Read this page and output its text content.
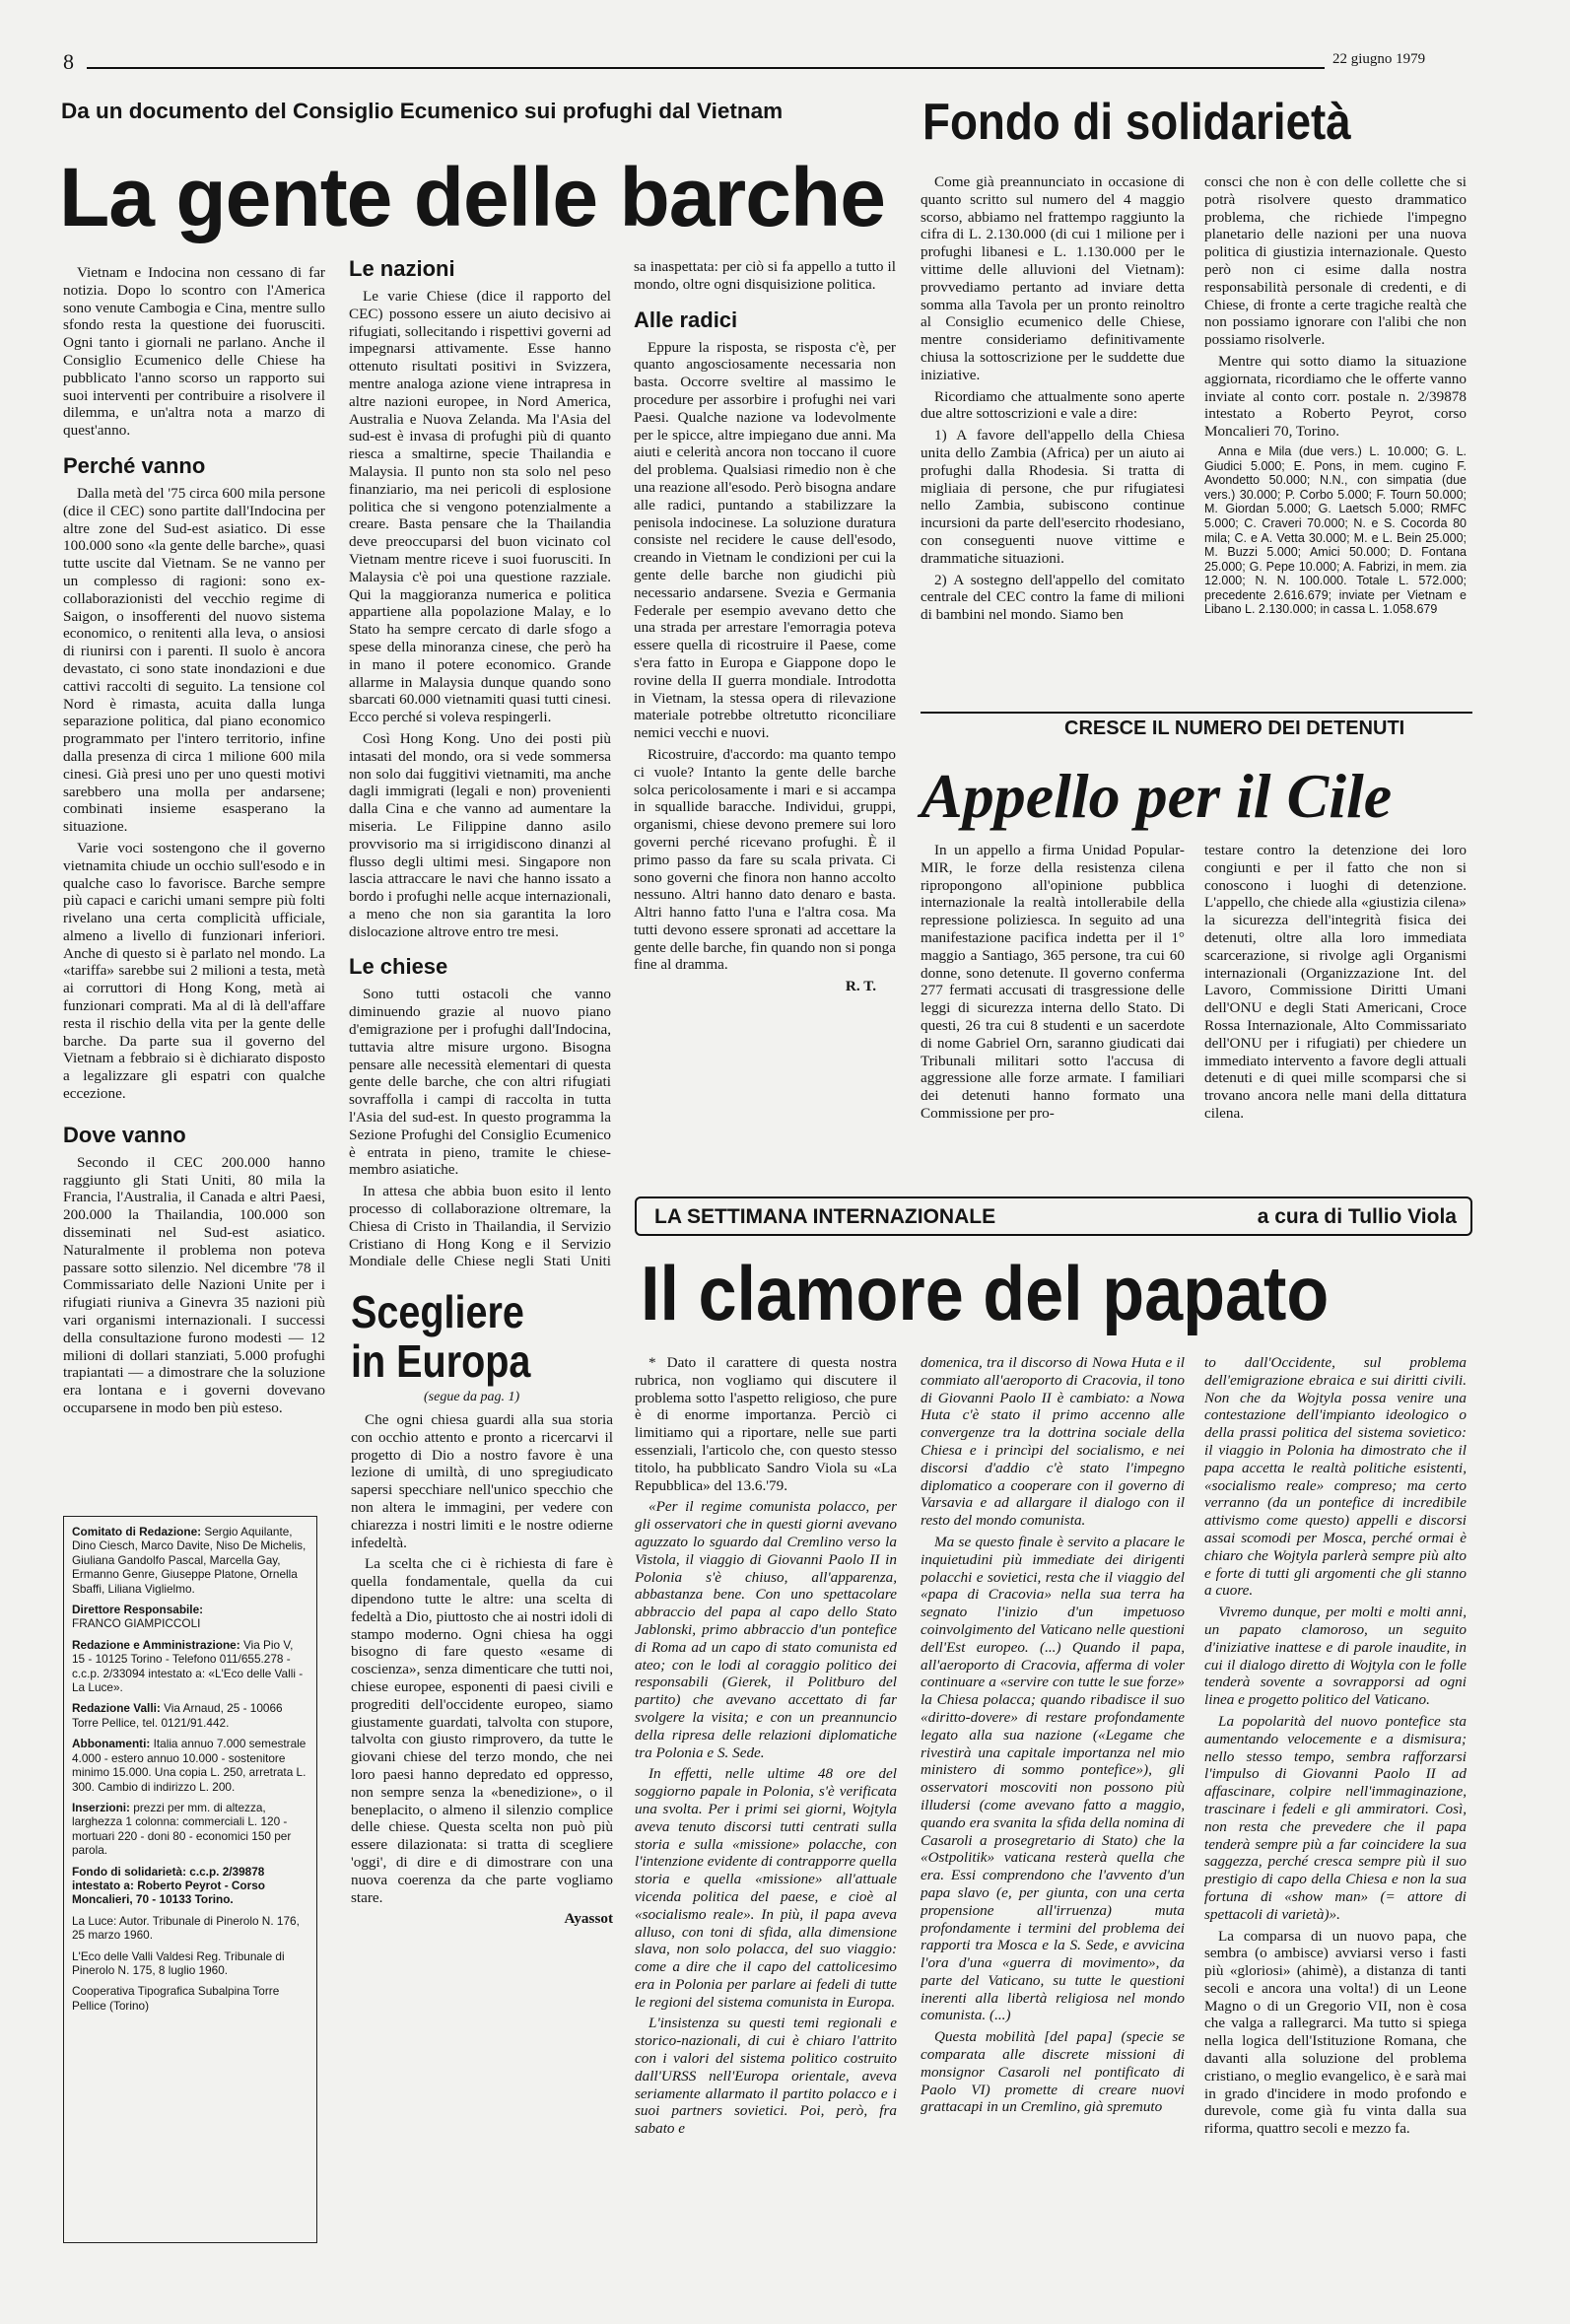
8	22 giugno 1979
Da un documento del Consiglio Ecumenico sui profughi dal Vietnam
La gente delle barche

Vietnam e Indocina non cessano di far notizia. Dopo lo scontro con l'America sono venute Cambogia e Cina, mentre sullo sfondo resta la questione dei fuorusciti. Ogni tanto i giornali ne parlano. Anche il Consiglio Ecumenico delle Chiese ha pubblicato l'anno scorso un rapporto sui suoi interventi per contribuire a risolvere il dilemma, e un'altra nota a marzo di quest'anno.

Perché vanno

Dalla metà del '75 circa 600 mila persone (dice il CEC) sono partite dall'Indocina per altre zone del Sud-est asiatico. Di esse 100.000 sono «la gente delle barche», quasi tutte uscite dal Vietnam. Se ne vanno per un complesso di ragioni: sono ex-collaborazionisti del vecchio regime di Saigon, o insofferenti del nuovo sistema economico, o renitenti alla leva, o ansiosi di riunirsi con i parenti. Il suolo è ancora devastato, ci sono state inondazioni e due cattivi raccolti di seguito. La tensione col Nord è rimasta, acuita dalla lunga separazione politica, dal piano economico programmato per l'intero territorio, infine dalla presenza di circa 1 milione 600 mila cinesi. Già presi uno per uno questi motivi sarebbero una molla per andarsene; combinati insieme esasperano la situazione.

Varie voci sostengono che il governo vietnamita chiude un occhio sull'esodo e in qualche caso lo favorisce. Barche sempre più capaci e carichi umani sempre più folti rivelano una certa complicità ufficiale, almeno a livello di funzionari inferiori. Anche di questo si è parlato nel mondo. La «tariffa» sarebbe sui 2 milioni a testa, metà ai corruttori di Hong Kong, metà ai funzionari comprati. Ma al di là dell'affare resta il rischio della vita per la gente delle barche. Da parte sua il governo del Vietnam a febbraio si è dichiarato disposto a legalizzare gli espatri con qualche eccezione.

Dove vanno

Secondo il CEC 200.000 hanno raggiunto gli Stati Uniti, 80 mila la Francia, l'Australia, il Canada e altri Paesi, 200.000 la Thailandia, 100.000 son disseminati nel Sud-est asiatico. Naturalmente il problema non poteva passare sotto silenzio. Nel dicembre '78 il Commissariato delle Nazioni Unite per i rifugiati riuniva a Ginevra 35 nazioni più vari organismi internazionali. I successi della consultazione furono modesti — 12 milioni di dollari stanziati, 5.000 profughi trapiantati — a dimostrare che la soluzione era lontana e i governi dovevano occuparsene in modo ben più esteso.

Le nazioni

Le varie Chiese (dice il rapporto del CEC) possono essere un aiuto decisivo ai rifugiati, sollecitando i rispettivi governi ad impegnarsi attivamente. Esse hanno ottenuto risultati positivi in Svizzera, mentre analoga azione viene intrapresa in altre nazioni europee, in Nord America, Australia e Nuova Zelanda. Ma l'Asia del sud-est è invasa di profughi più di quanto riesca a smaltirne, specie Thailandia e Malaysia. Il punto non sta solo nel peso finanziario, ma nei pericoli di esplosione politica che si vengono potenzialmente a creare. Basta pensare che la Thailandia deve preoccuparsi del buon vicinato col Vietnam mentre riceve i suoi fuorusciti. In Malaysia c'è poi una questione razziale. Qui la maggioranza numerica e politica appartiene alla popolazione Malay, e lo Stato ha sempre cercato di darle sfogo a spese della minoranza cinese, che però ha in mano il potere economico. Grande allarme in Malaysia dunque quando sono sbarcati 60.000 vietnamiti quasi tutti cinesi. Ecco perché si voleva respingerli.

Così Hong Kong. Uno dei posti più intasati del mondo, ora si vede sommersa non solo dai fuggitivi vietnamiti, ma anche dagli immigrati (legali e non) provenienti dalla Cina e che vanno ad aumentare la miseria. Le Filippine danno asilo provvisorio ma si irrigidiscono dinanzi al flusso degli ultimi mesi. Singapore non lascia attraccare le navi che hanno issato a bordo i profughi nelle acque internazionali, a meno che non sia garantita la loro dislocazione altrove entro tre mesi.

Le chiese

Sono tutti ostacoli che vanno diminuendo grazie al nuovo piano d'emigrazione per i profughi dall'Indocina, tuttavia altre misure urgono. Bisogna pensare alle necessità elementari di questa gente delle barche, che con altri rifugiati sovraffolla i campi di raccolta in tutta l'Asia del sud-est. In questo programma la Sezione Profughi del Consiglio Ecumenico è entrata in pieno, tramite le chiese-membro asiatiche.

In attesa che abbia buon esito il lento processo di collaborazione oltremare, la Chiesa di Cristo in Thailandia, il Servizio Cristiano di Hong Kong e il Servizio Mondiale delle Chiese negli Stati Uniti

sa inaspettata: per ciò si fa appello a tutto il mondo, oltre ogni disquisizione politica.

Alle radici

Eppure la risposta, se risposta c'è, per quanto angosciosamente necessaria non basta. Occorre sveltire al massimo le procedure per assorbire i profughi nei vari Paesi. Qualche nazione va lodevolmente per le spicce, altre impiegano due anni. Ma aiuti e celerità ancora non toccano il cuore del problema. Qualsiasi rimedio non è che una reazione all'esodo. Però bisogna andare alle radici, puntando a stabilizzare la penisola indocinese. La soluzione duratura consiste nel recidere le cause dell'esodo, creando in Vietnam le condizioni per cui la gente delle barche non giudichi più necessario andarsene. Svezia e Germania Federale per esempio avevano detto che una strada per arrestare l'emorragia poteva essere quella di ricostruire il Paese, come s'era fatto in Europa e Giappone dopo le rovine della II guerra mondiale. Introdotta in Vietnam, la stessa opera di rilevazione materiale potrebbe oltretutto riconciliare nemici vecchi e nuovi.

Ricostruire, d'accordo: ma quanto tempo ci vuole? Intanto la gente delle barche solca pericolosamente i mari e si accampa in squallide baracche. Individui, gruppi, organismi, chiese devono premere sui loro governi perché ricevano profughi. È il primo passo da fare su scala privata. Ci sono governi che finora non hanno accolto nessuno. Altri hanno dato denaro e basta. Altri hanno fatto l'una e l'altra cosa. Ma tutti devono essere spronati ad accettare la gente delle barche, fin quando non si ponga fine al dramma.

R. T.
Scegliere
in Europa
(segue da pag. 1)

Che ogni chiesa guardi alla sua storia con occhio attento e pronto a ricercarvi il progetto di Dio a nostro favore è una lezione di umiltà, di uno spregiudicato sapersi specchiare nell'unico specchio che non altera le immagini, per vedere con chiarezza i nostri limiti e le nostre odierne infedeltà.

La scelta che ci è richiesta di fare è quella fondamentale, quella da cui dipendono tutte le altre: una scelta di fedeltà a Dio, piuttosto che ai nostri idoli di stampo moderno. Ogni chiesa ha oggi bisogno di fare questo «esame di coscienza», senza dimenticare che tutti noi, chiese europee, esponenti di paesi civili e progrediti dell'occidente europeo, siamo giustamente guardati, talvolta con stupore, talvolta con giusto rimprovero, da tutte le giovani chiese del terzo mondo, che nei loro paesi hanno depredato ed oppresso, non sempre senza la «benedizione», o il beneplacito, o almeno il silenzio complice delle chiese. Questa scelta non può più essere dilazionata: si tratta di scegliere 'oggi', di dire e di dimostrare con una nuova coerenza da che parte vogliamo stare.

Ayassot

Comitato di Redazione: Sergio Aquilante, Dino Ciesch, Marco Davite, Niso De Michelis, Giuliana Gandolfo Pascal, Marcella Gay, Ermanno Genre, Giuseppe Platone, Ornella Sbaffi, Liliana Viglielmo.

Direttore Responsabile:
FRANCO GIAMPICCOLI

Redazione e Amministrazione: Via Pio V, 15 - 10125 Torino - Telefono 011/655.278 - c.c.p. 2/33094 intestato a: «L'Eco delle Valli - La Luce».

Redazione Valli: Via Arnaud, 25 - 10066 Torre Pellice, tel. 0121/91.442.

Abbonamenti: Italia annuo 7.000 semestrale 4.000 - estero annuo 10.000 - sostenitore minimo 15.000. Una copia L. 250, arretrata L. 300. Cambio di indirizzo L. 200.

Inserzioni: prezzi per mm. di altezza, larghezza 1 colonna: commerciali L. 120 - mortuari 220 - doni 80 - economici 150 per parola.

Fondo di solidarietà: c.c.p. 2/39878 intestato a: Roberto Peyrot - Corso Moncalieri, 70 - 10133 Torino.

La Luce: Autor. Tribunale di Pinerolo N. 176, 25 marzo 1960.

L'Eco delle Valli Valdesi Reg. Tribunale di Pinerolo N. 175, 8 luglio 1960.

Cooperativa Tipografica Subalpina Torre Pellice (Torino)

Fondo di solidarietà

Come già preannunciato in occasione di quanto scritto sul numero del 4 maggio scorso, abbiamo nel frattempo raggiunto la cifra di L. 2.130.000 (di cui 1 milione per i profughi libanesi e L. 1.130.000 per le vittime delle alluvioni del Vietnam): provvediamo pertanto ad inviare detta somma alla Tavola per un pronto reinoltro al Consiglio ecumenico delle Chiese, mentre consideriamo definitivamente chiusa la sottoscrizione per le suddette due iniziative.

Ricordiamo che attualmente sono aperte due altre sottoscrizioni e vale a dire:

1) A favore dell'appello della Chiesa unita dello Zambia (Africa) per un aiuto ai profughi dalla Rhodesia. Si tratta di migliaia di persone, che pur rifugiatesi nello Zambia, subiscono continue incursioni da parte dell'esercito rhodesiano, con conseguenti nuove vittime e drammatiche situazioni.

2) A sostegno dell'appello del comitato centrale del CEC contro la fame di milioni di bambini nel mondo. Siamo ben

consci che non è con delle collette che si potrà risolvere questo drammatico problema, che richiede l'impegno planetario delle nazioni per una nuova politica di giustizia internazionale. Questo però non ci esime dalla nostra responsabilità personale di credenti, e di Chiese, di fronte a certe tragiche realtà che non possiamo ignorare con l'alibi che non possiamo risolverle.

Mentre qui sotto diamo la situazione aggiornata, ricordiamo che le offerte vanno inviate al conto corr. postale n. 2/39878 intestato a Roberto Peyrot, corso Moncalieri 70, Torino.

Anna e Mila (due vers.) L. 10.000; G. L. Giudici 5.000; E. Pons, in mem. cugino F. Avondetto 50.000; N.N., con simpatia (due vers.) 30.000; P. Corbo 5.000; F. Tourn 50.000; M. Giordan 5.000; G. Laetsch 5.000; RMFC 5.000; C. Craveri 70.000; N. e S. Cocorda 80 mila; C. e A. Vetta 30.000; M. e L. Bein 25.000; M. Buzzi 5.000; Amici 50.000; D. Fontana 25.000; G. Pepe 10.000; A. Fabrizi, in mem. zia 12.000; N. N. 100.000. Totale L. 572.000; precedente 2.616.679; inviate per Vietnam e Libano L. 2.130.000; in cassa L. 1.058.679

CRESCE IL NUMERO DEI DETENUTI
Appello per il Cile

In un appello a firma Unidad Popular-MIR, le forze della resistenza cilena ripropongono all'opinione pubblica internazionale la realtà intollerabile della repressione poliziesca. In seguito ad una manifestazione pacifica indetta per il 1° maggio a Santiago, 365 persone, tra cui 60 donne, sono detenute. Il governo conferma 277 fermati accusati di trasgressione delle leggi di sicurezza interna dello Stato. Di questi, 26 tra cui 8 studenti e un sacerdote di nome Gabriel Orn, saranno giudicati dai Tribunali militari sotto l'accusa di aggressione alle forze armate. I familiari dei detenuti hanno formato una Commissione per pro-

testare contro la detenzione dei loro congiunti e per il fatto che non si conoscono i luoghi di detenzione. L'appello, che chiede alla «giustizia cilena» la sicurezza dell'integrità fisica dei detenuti, oltre alla loro immediata scarcerazione, si rivolge agli Organismi internazionali (Organizzazione Int. del Lavoro, Commissione Diritti Umani dell'ONU e degli Stati Americani, Croce Rossa Internazionale, Alto Commissariato dell'ONU per i rifugiati) per chiedere un immediato intervento a favore degli attuali detenuti e di quei mille scomparsi che si trovano ancora nelle mani della dittatura cilena.

LA SETTIMANA INTERNAZIONALE	a cura di Tullio Viola
Il clamore del papato

* Dato il carattere di questa nostra rubrica, non vogliamo qui discutere il problema sotto l'aspetto religioso, che pure è di enorme importanza. Perciò ci limitiamo qui a riportare, nelle sue parti essenziali, l'articolo che, con questo stesso titolo, ha pubblicato Sandro Viola su «La Repubblica» del 13.6.'79.

«Per il regime comunista polacco, per gli osservatori che in questi giorni avevano aguzzato lo sguardo dal Cremlino verso la Vistola, il viaggio di Giovanni Paolo II in Polonia s'è chiuso, all'apparenza, abbastanza bene. Con uno spettacolare abbraccio del papa al capo dello Stato Jablonski, primo abbraccio d'un pontefice di Roma ad un capo di stato comunista ed ateo; con le lodi al coraggio politico dei responsabili (Gierek, il Politburo del partito) che avevano accettato di far svolgere la visita; e con un preannuncio della ripresa delle relazioni diplomatiche tra Polonia e S. Sede.

In effetti, nelle ultime 48 ore del soggiorno papale in Polonia, s'è verificata una svolta. Per i primi sei giorni, Wojtyla aveva tenuto discorsi tutti centrati sulla storia e sulla «missione» polacche, con l'intenzione evidente di contrapporre quella storia e quella «missione» all'attuale vicenda politica del paese, e cioè al «socialismo reale». In più, il papa aveva alluso, con toni di sfida, alla dimensione slava, non solo polacca, del suo viaggio: come a dire che il capo del cattolicesimo era in Polonia per parlare ai fedeli di tutte le regioni del sistema comunista in Europa.

L'insistenza su questi temi regionali e storico-nazionali, di cui è chiaro l'attrito con i valori del sistema politico costruito dall'URSS nell'Europa orientale, aveva seriamente allarmato il partito polacco e i suoi partners sovietici. Poi, però, fra sabato e

domenica, tra il discorso di Nowa Huta e il commiato all'aeroporto di Cracovia, il tono di Giovanni Paolo II è cambiato: a Nowa Huta c'è stato il primo accenno alle convergenze tra la dottrina sociale della Chiesa e i princìpi del socialismo, e nei discorsi d'addio c'è stato l'impegno diplomatico a cooperare con il governo di Varsavia e ad allargare il dialogo con il resto del mondo comunista.

Ma se questo finale è servito a placare le inquietudini più immediate dei dirigenti polacchi e sovietici, resta che il viaggio del «papa di Cracovia» nella sua terra ha segnato l'inizio d'un impetuoso coinvolgimento del Vaticano nelle questioni dell'Est europeo. (...) Quando il papa, all'aeroporto di Cracovia, afferma di voler continuare a «servire con tutte le sue forze» la Chiesa polacca; quando ribadisce il suo «diritto-dovere» di restare profondamente legato alla sua nazione («Legame che rivestirà una capitale importanza nel mio ministero di sommo pontefice»), gli osservatori moscoviti non possono più illudersi (come avevano fatto a maggio, quando era svanita la sfida della nomina di Casaroli a prosegretario di Stato) che la «Ostpolitik» vaticana resterà quella che era. Essi comprendono che l'avvento d'un papa slavo (e, per giunta, con una certa propensione all'irruenza) muta profondamente i termini del problema dei rapporti tra Mosca e la S. Sede, e avvicina l'ora d'una «guerra di movimento», da parte del Vaticano, su tutte le questioni inerenti alla libertà religiosa nel mondo comunista. (...)

Questa mobilità [del papa] (specie se comparata alle discrete missioni di monsignor Casaroli nel pontificato di Paolo VI) promette di creare nuovi grattacapi in un Cremlino, già spremuto

to dall'Occidente, sul problema dell'emigrazione ebraica e sui diritti civili. Non che da Wojtyla possa venire una contestazione dell'impianto ideologico o della prassi politica del sistema sovietico: il viaggio in Polonia ha dimostrato che il papa accetta le realtà politiche esistenti, «socialismo reale» compreso; ma certo verranno (da un pontefice di incredibile attivismo come questo) appelli e discorsi assai scomodi per Mosca, perché ormai è chiaro che Wojtyla parlerà sempre più alto e forte di tutti gli argomenti che gli stanno a cuore.

Vivremo dunque, per molti e molti anni, un papato clamoroso, un seguito d'iniziative inattese e di parole inaudite, in cui il dialogo diretto di Wojtyla con le folle tenderà sovente a sovrapporsi ad ogni linea e progetto politico del Vaticano.

La popolarità del nuovo pontefice sta aumentando velocemente e a dismisura; nello stesso tempo, sembra rafforzarsi l'impulso di Giovanni Paolo II ad affascinare, colpire nell'immaginazione, trascinare i fedeli e gli ammiratori. Così, non resta che prevedere che il papa tenderà sempre più a far coincidere la sua saggezza, perché cresca sempre più il suo prestigio di capo della Chiesa e non la sua fortuna di «show man» (= attore di spettacoli di varietà)».

La comparsa di un nuovo papa, che sembra (o ambisce) avviarsi verso i fasti più «gloriosi» (ahimè), a distanza di tanti secoli e ancora una volta!) di un Leone Magno o di un Gregorio VII, non è cosa che valga a rallegrarci. Ma tutto si spiega nella logica dell'Istituzione Romana, che davanti alla soluzione del problema cristiano, o meglio evangelico, è e sarà mai in grado d'incidere in modo profondo e durevole, come già fu vinta dalla sua riforma, quattro secoli e mezzo fa.
